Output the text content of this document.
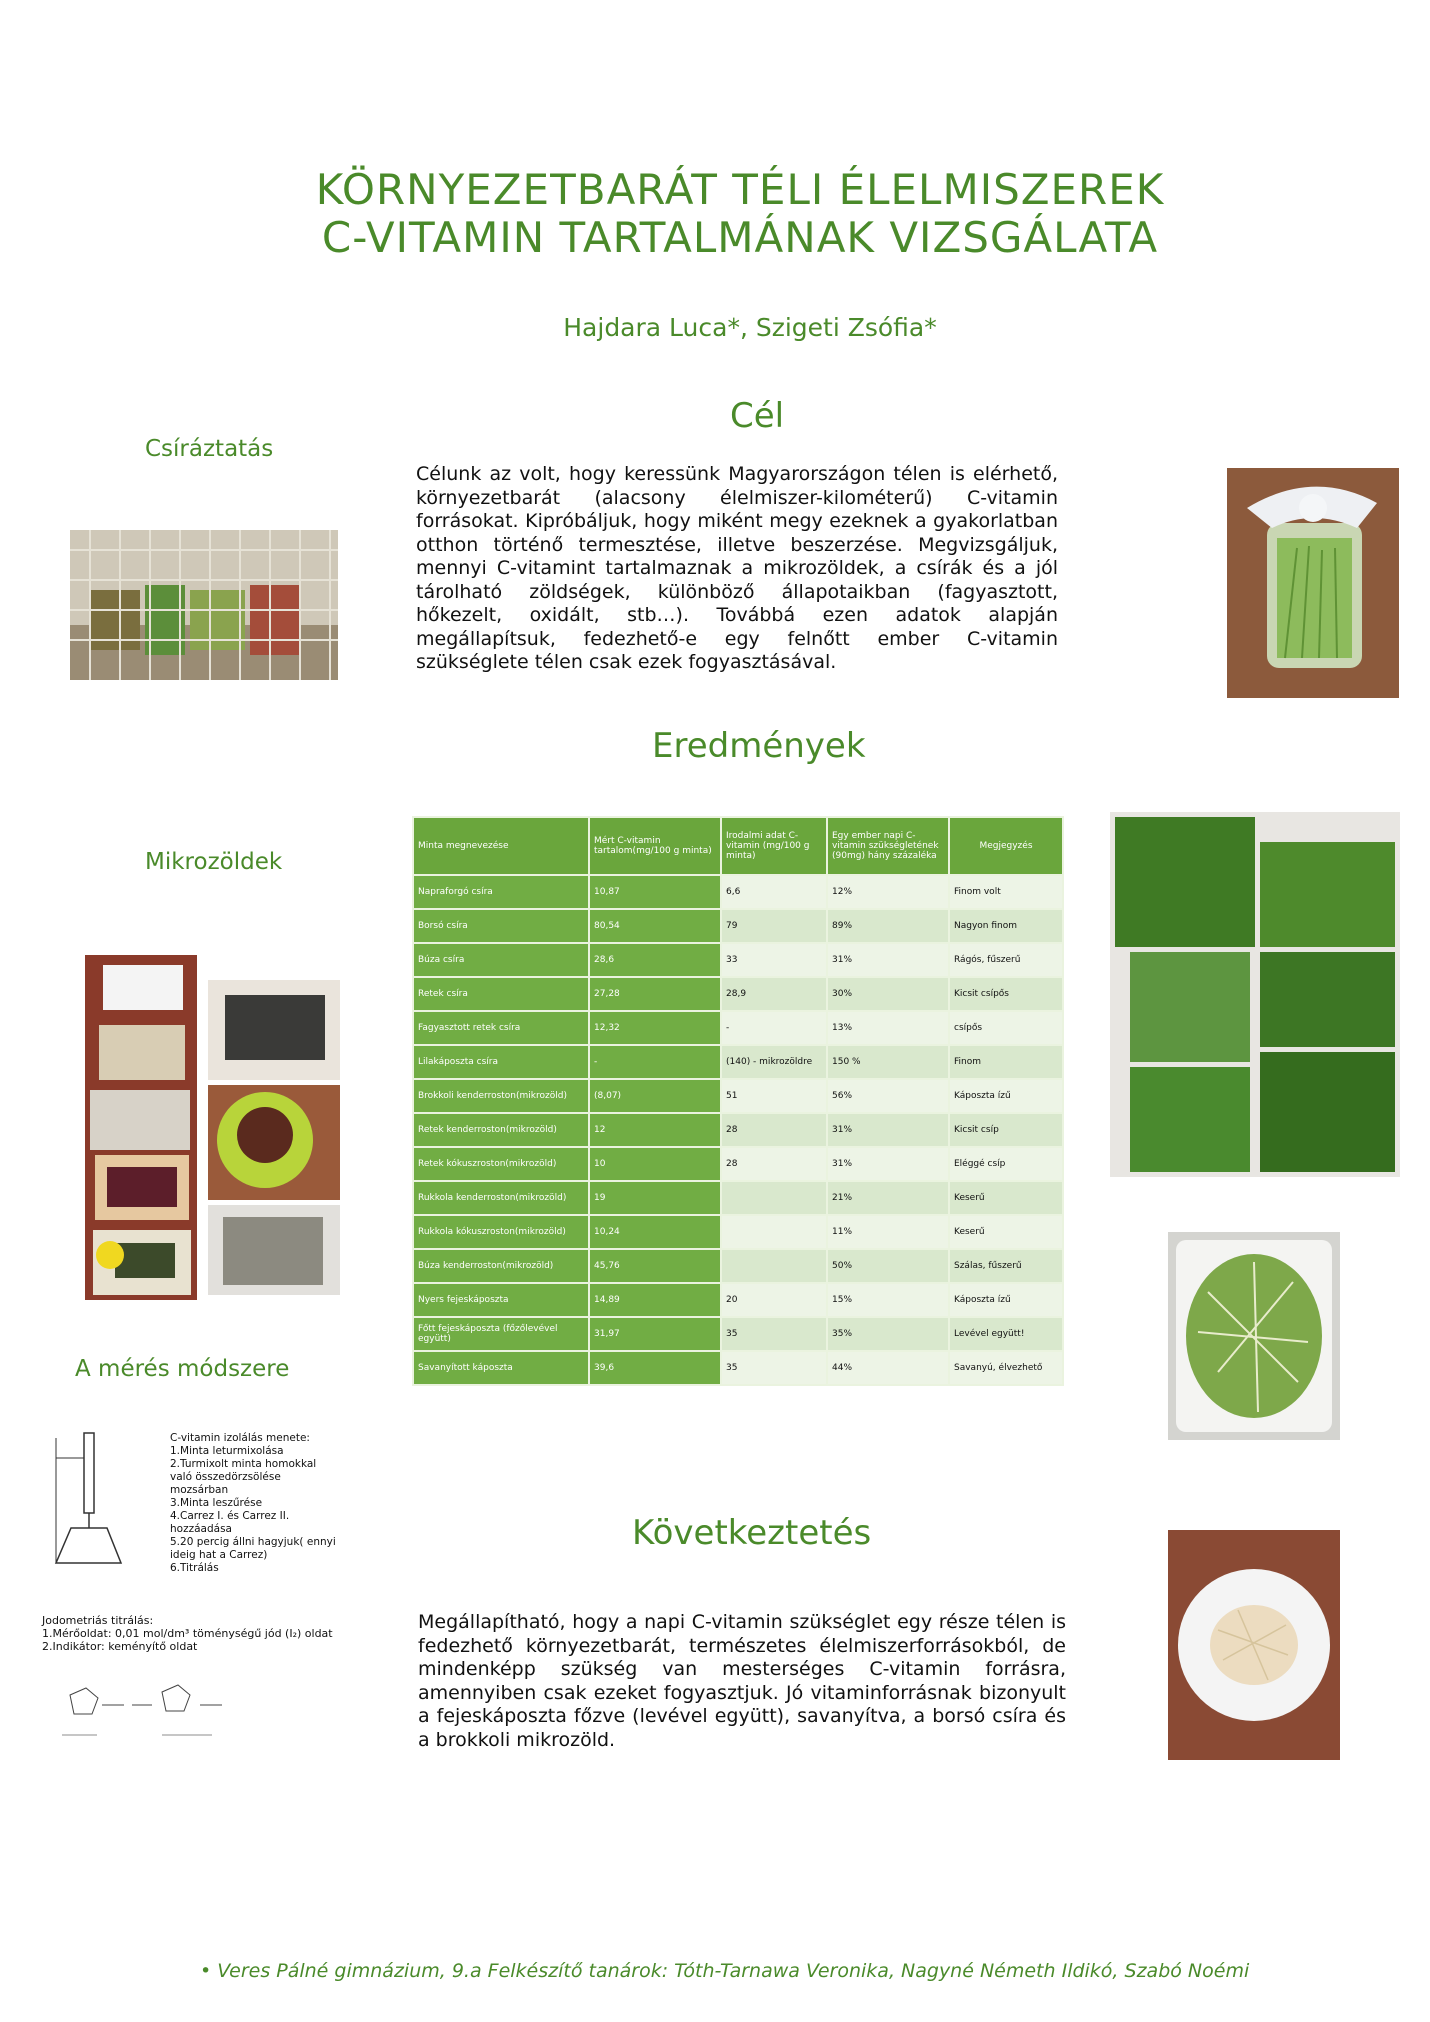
KÖRNYEZETBARÁT TÉLI ÉLELMISZEREK
C-VITAMIN TARTALMÁNAK VIZSGÁLATA
Hajdara Luca*, Szigeti Zsófia*
Cél
Célunk az volt, hogy keressünk Magyarországon télen is elérhető, környezetbarát (alacsony élelmiszer-kilométerű) C-vitamin forrásokat. Kipróbáljuk, hogy miként megy ezeknek a gyakorlatban otthon történő termesztése, illetve beszerzése. Megvizsgáljuk, mennyi C-vitamint tartalmaznak a mikrozöldek, a csírák és a jól tárolható zöldségek, különböző állapotaikban (fagyasztott, hőkezelt, oxidált, stb…). Továbbá ezen adatok alapján megállapítsuk, fedezhető-e egy felnőtt ember C-vitamin szükséglete télen csak ezek fogyasztásával.
Csíráztatás
Eredmények
Mikrozöldek
Minta megnevezése	Mért C-vitamin tartalom(mg/100 g minta)	Irodalmi adat C-vitamin (mg/100 g minta)	Egy ember napi C-vitamin szükségletének (90mg) hány százaléka	Megjegyzés
Napraforgó csíra	10,87	6,6	12%	Finom volt
Borsó csíra	80,54	79	89%	Nagyon finom
Búza csíra	28,6	33	31%	Rágós, fűszerű
Retek csíra	27,28	28,9	30%	Kicsit csípős
Fagyasztott retek csíra	12,32	-	13%	csípős
Lilakáposzta csíra	-	(140) - mikrozöldre	150 %	Finom
Brokkoli kenderroston(mikrozöld)	(8,07)	51	56%	Káposzta ízű
Retek kenderroston(mikrozöld)	12	28	31%	Kicsit csíp
Retek kókuszroston(mikrozöld)	10	28	31%	Eléggé csíp
Rukkola kenderroston(mikrozöld)	19		21%	Keserű
Rukkola kókuszroston(mikrozöld)	10,24		11%	Keserű
Búza kenderroston(mikrozöld)	45,76		50%	Szálas, fűszerű
Nyers fejeskáposzta	14,89	20	15%	Káposzta ízű
Főtt fejeskáposzta (főzőlevével együtt)	31,97	35	35%	Levével együtt!
Savanyított káposzta	39,6	35	44%	Savanyú, élvezhető
A mérés módszere
C-vitamin izolálás menete:
1.Minta leturmixolása
2.Turmixolt minta homokkal való összedörzsölése mozsárban
3.Minta leszűrése
4.Carrez I. és Carrez II. hozzáadása
5.20 percig állni hagyjuk( ennyi ideig hat a Carrez)
6.Titrálás
Jodometriás titrálás:
1.Mérőoldat: 0,01 mol/dm³ töménységű jód (I₂) oldat
2.Indikátor: keményítő oldat
Következtetés
Megállapítható, hogy a napi C-vitamin szükséglet egy része télen is fedezhető környezetbarát, természetes élelmiszerforrásokból, de mindenképp szükség van mesterséges C-vitamin forrásra, amennyiben csak ezeket fogyasztjuk. Jó vitaminforrásnak bizonyult a fejeskáposzta főzve (levével együtt), savanyítva, a borsó csíra és a brokkoli mikrozöld.
• Veres Pálné gimnázium, 9.a Felkészítő tanárok: Tóth-Tarnawa Veronika, Nagyné Németh Ildikó, Szabó Noémi
